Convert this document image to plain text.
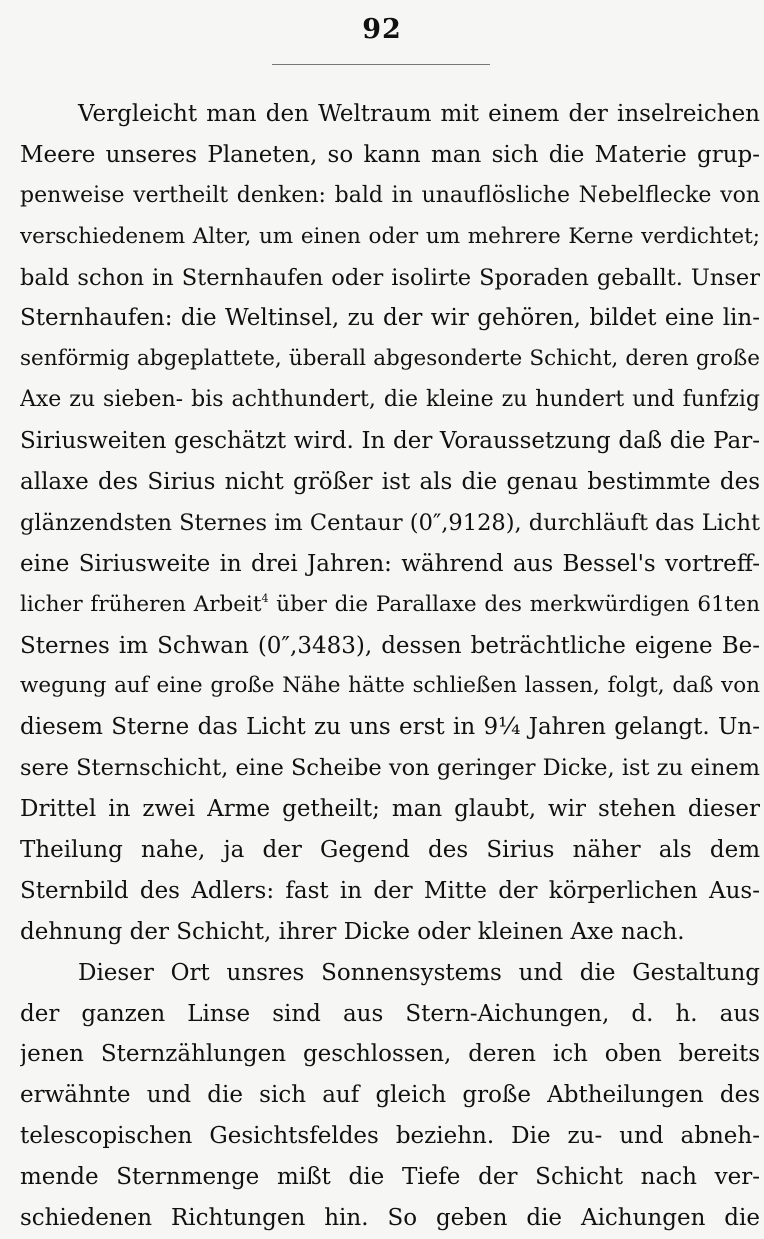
92
Vergleicht man den Weltraum mit einem der inselreichen
Meere unseres Planeten, so kann man sich die Materie grup-
penweise vertheilt denken: bald in unauflösliche Nebelflecke von
verschiedenem Alter, um einen oder um mehrere Kerne verdichtet;
bald schon in Sternhaufen oder isolirte Sporaden geballt. Unser
Sternhaufen: die Weltinsel, zu der wir gehören, bildet eine lin-
senförmig abgeplattete, überall abgesonderte Schicht, deren große
Axe zu sieben- bis achthundert, die kleine zu hundert und funfzig
Siriusweiten geschätzt wird. In der Voraussetzung daß die Par-
allaxe des Sirius nicht größer ist als die genau bestimmte des
glänzendsten Sternes im Centaur (0″,9128), durchläuft das Licht
eine Siriusweite in drei Jahren: während aus Bessel's vortreff-
licher früheren Arbeit$^4$ über die Parallaxe des merkwürdigen 61ten
Sternes im Schwan (0″,3483), dessen beträchtliche eigene Be-
wegung auf eine große Nähe hätte schließen lassen, folgt, daß von
diesem Sterne das Licht zu uns erst in 9¼ Jahren gelangt. Un-
sere Sternschicht, eine Scheibe von geringer Dicke, ist zu einem
Drittel in zwei Arme getheilt; man glaubt, wir stehen dieser
Theilung nahe, ja der Gegend des Sirius näher als dem
Sternbild des Adlers: fast in der Mitte der körperlichen Aus-
dehnung der Schicht, ihrer Dicke oder kleinen Axe nach.
Dieser Ort unsres Sonnensystems und die Gestaltung
der ganzen Linse sind aus Stern-Aichungen, d. h. aus
jenen Sternzählungen geschlossen, deren ich oben bereits
erwähnte und die sich auf gleich große Abtheilungen des
telescopischen Gesichtsfeldes beziehn. Die zu- und abneh-
mende Sternmenge mißt die Tiefe der Schicht nach ver-
schiedenen Richtungen hin. So geben die Aichungen die
